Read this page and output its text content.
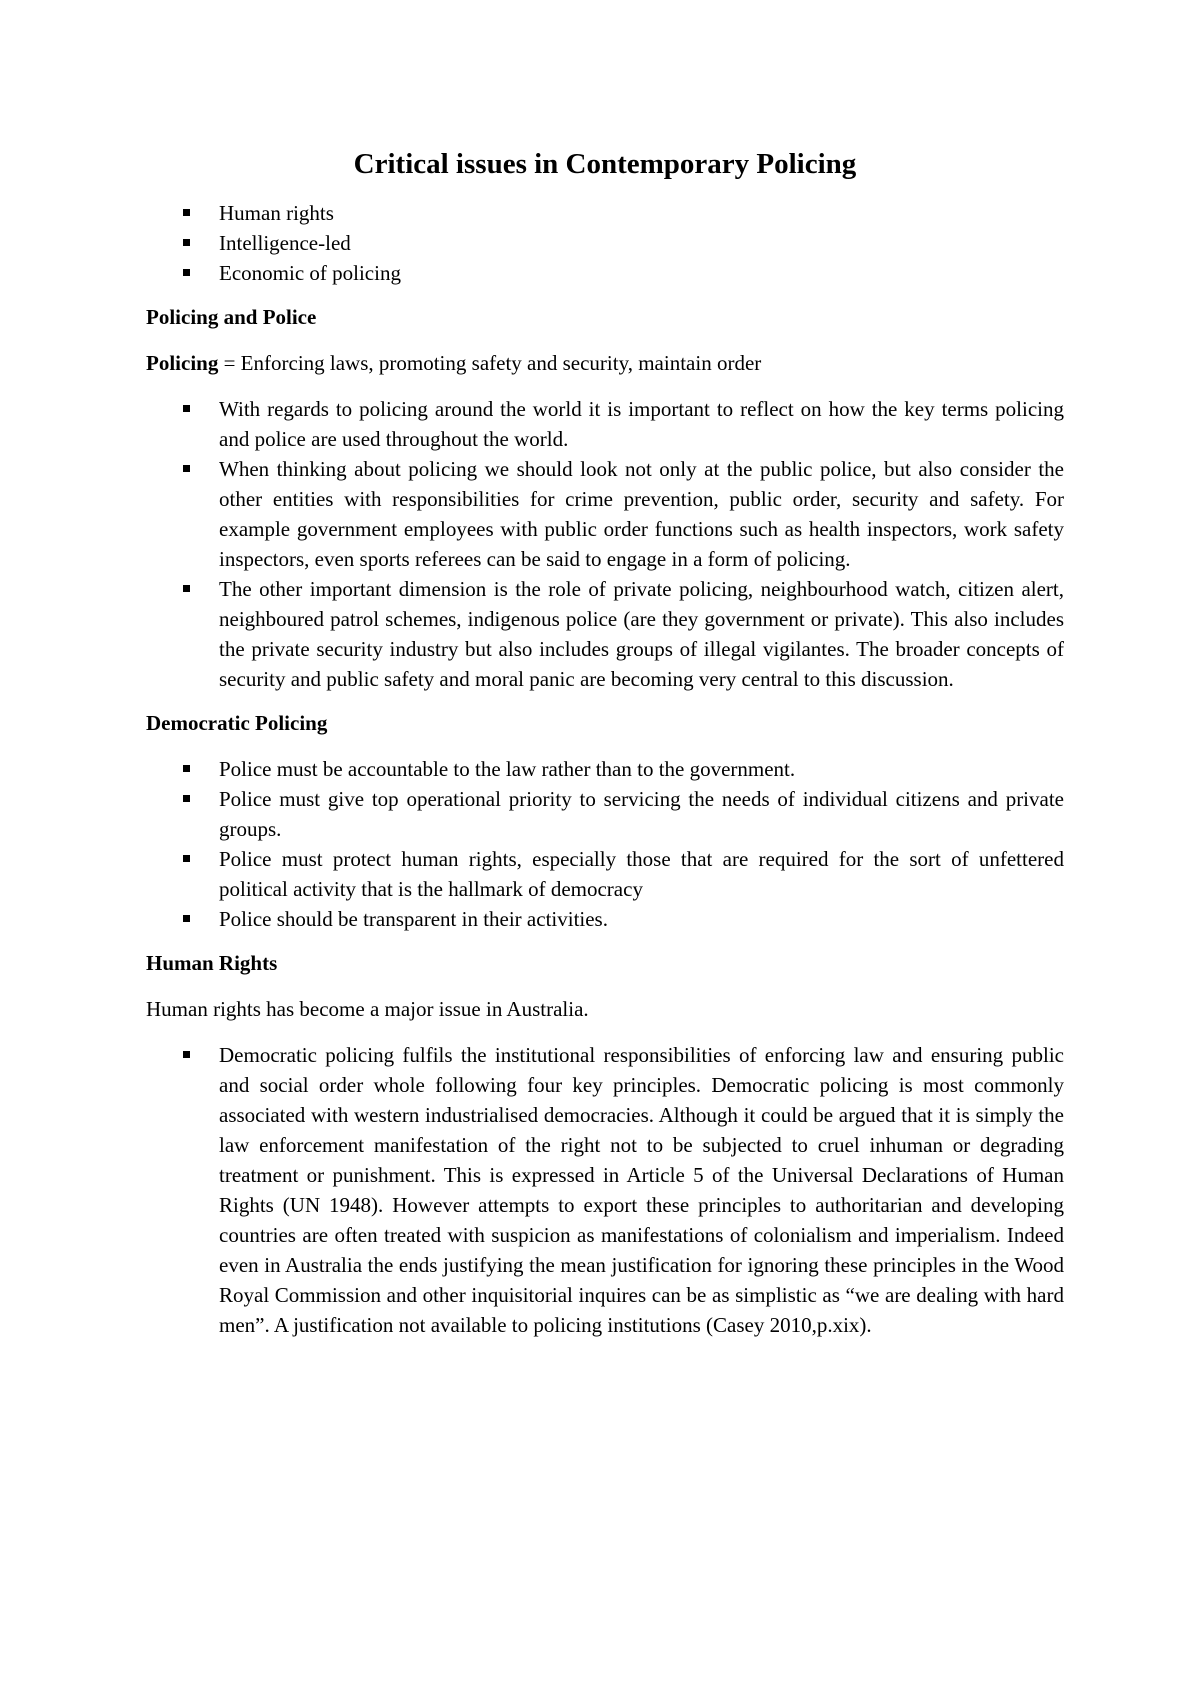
Critical issues in Contemporary Policing
Human rights
Intelligence-led
Economic of policing
Policing and Police

Policing = Enforcing laws, promoting safety and security, maintain order

With regards to policing around the world it is important to reflect on how the key terms policing and police are used throughout the world.
When thinking about policing we should look not only at the public police, but also consider the other entities with responsibilities for crime prevention, public order, security and safety. For example government employees with public order functions such as health inspectors, work safety inspectors, even sports referees can be said to engage in a form of policing.
The other important dimension is the role of private policing, neighbourhood watch, citizen alert, neighboured patrol schemes, indigenous police (are they government or private). This also includes the private security industry but also includes groups of illegal vigilantes. The broader concepts of security and public safety and moral panic are becoming very central to this discussion.
Democratic Policing
Police must be accountable to the law rather than to the government.
Police must give top operational priority to servicing the needs of individual citizens and private groups.
Police must protect human rights, especially those that are required for the sort of unfettered political activity that is the hallmark of democracy
Police should be transparent in their activities.
Human Rights

Human rights has become a major issue in Australia.

Democratic policing fulfils the institutional responsibilities of enforcing law and ensuring public and social order whole following four key principles. Democratic policing is most commonly associated with western industrialised democracies. Although it could be argued that it is simply the law enforcement manifestation of the right not to be subjected to cruel inhuman or degrading treatment or punishment. This is expressed in Article 5 of the Universal Declarations of Human Rights (UN 1948). However attempts to export these principles to authoritarian and developing countries are often treated with suspicion as manifestations of colonialism and imperialism. Indeed even in Australia the ends justifying the mean justification for ignoring these principles in the Wood Royal Commission and other inquisitorial inquires can be as simplistic as “we are dealing with hard men”. A justification not available to policing institutions (Casey 2010,p.xix).
